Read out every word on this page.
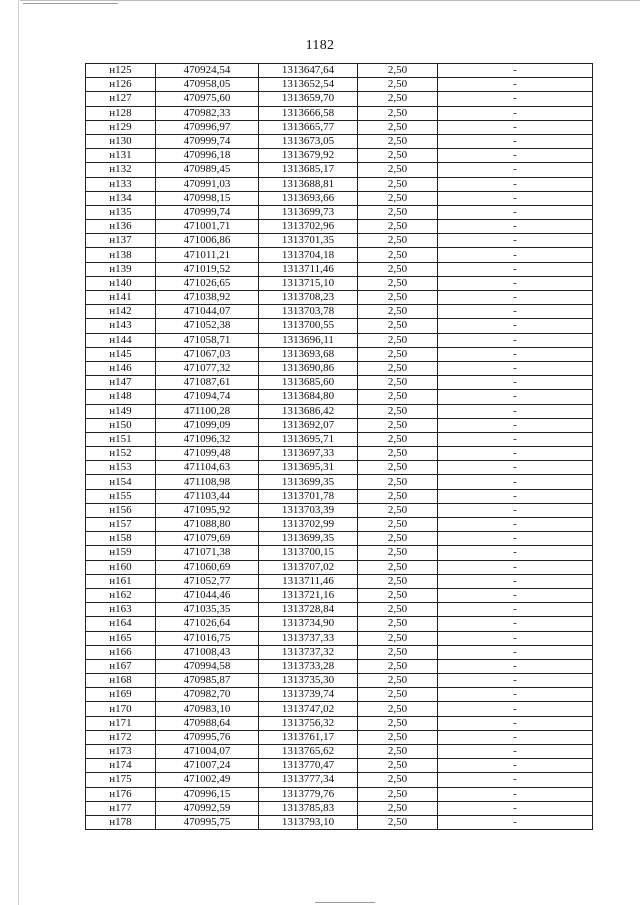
1182
н125	470924,54	1313647,64	2,50	-
н126	470958,05	1313652,54	2,50	-
н127	470975,60	1313659,70	2,50	-
н128	470982,33	1313666,58	2,50	-
н129	470996,97	1313665,77	2,50	-
н130	470999,74	1313673,05	2,50	-
н131	470996,18	1313679,92	2,50	-
н132	470989,45	1313685,17	2,50	-
н133	470991,03	1313688,81	2,50	-
н134	470998,15	1313693,66	2,50	-
н135	470999,74	1313699,73	2,50	-
н136	471001,71	1313702,96	2,50	-
н137	471006,86	1313701,35	2,50	-
н138	471011,21	1313704,18	2,50	-
н139	471019,52	1313711,46	2,50	-
н140	471026,65	1313715,10	2,50	-
н141	471038,92	1313708,23	2,50	-
н142	471044,07	1313703,78	2,50	-
н143	471052,38	1313700,55	2,50	-
н144	471058,71	1313696,11	2,50	-
н145	471067,03	1313693,68	2,50	-
н146	471077,32	1313690,86	2,50	-
н147	471087,61	1313685,60	2,50	-
н148	471094,74	1313684,80	2,50	-
н149	471100,28	1313686,42	2,50	-
н150	471099,09	1313692,07	2,50	-
н151	471096,32	1313695,71	2,50	-
н152	471099,48	1313697,33	2,50	-
н153	471104,63	1313695,31	2,50	-
н154	471108,98	1313699,35	2,50	-
н155	471103,44	1313701,78	2,50	-
н156	471095,92	1313703,39	2,50	-
н157	471088,80	1313702,99	2,50	-
н158	471079,69	1313699,35	2,50	-
н159	471071,38	1313700,15	2,50	-
н160	471060,69	1313707,02	2,50	-
н161	471052,77	1313711,46	2,50	-
н162	471044,46	1313721,16	2,50	-
н163	471035,35	1313728,84	2,50	-
н164	471026,64	1313734,90	2,50	-
н165	471016,75	1313737,33	2,50	-
н166	471008,43	1313737,32	2,50	-
н167	470994,58	1313733,28	2,50	-
н168	470985,87	1313735,30	2,50	-
н169	470982,70	1313739,74	2,50	-
н170	470983,10	1313747,02	2,50	-
н171	470988,64	1313756,32	2,50	-
н172	470995,76	1313761,17	2,50	-
н173	471004,07	1313765,62	2,50	-
н174	471007,24	1313770,47	2,50	-
н175	471002,49	1313777,34	2,50	-
н176	470996,15	1313779,76	2,50	-
н177	470992,59	1313785,83	2,50	-
н178	470995,75	1313793,10	2,50	-
